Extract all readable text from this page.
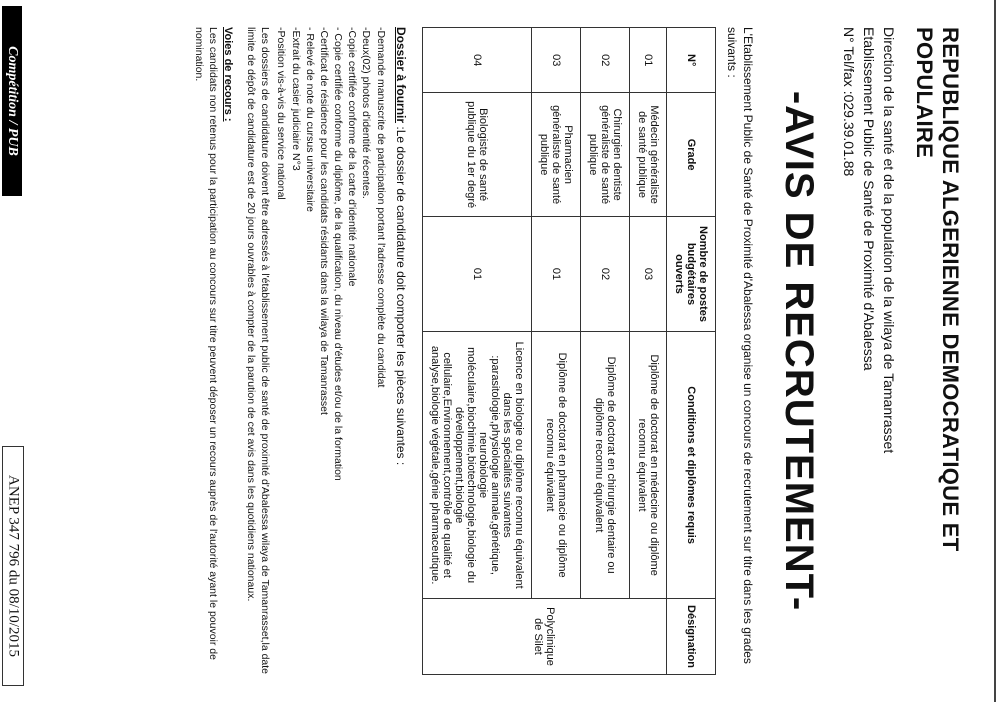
Compétition / PUB
ANEP 347 796 du 08/10/2015
REPUBLIQUE ALGERIENNE DEMOCRATIQUE ET POPULAIRE
Direction de la santé et de la population de la wilaya de Tamanrasset
Etablissement Public de Santé de Proximité d'Abalessa
N° Tel/fax :029.39.01.88
-AVIS DE RECRUTEMENT-
L'Etablissement Public de Santé de Proximité d'Abalessa organise un concours de recrutement sur titre dans les grades suivants :
N°	Grade	Nombre de postes budgétaires ouverts	Conditions et diplômes requis	Désignation
01	Médecin généraliste de santé publique	03	Diplôme de doctorat en médecine ou diplôme reconnu équivalent	Polyclinique de Silet
02	Chirurgien dentiste généraliste de santé publique	02	Diplôme de doctorat en chirurgie dentaire ou diplôme reconnu équivalent	
03	Pharmacien généraliste de santé publique	01	Diplôme de doctorat en pharmacie ou diplôme reconnu équivalent	
04	Biologiste de santé publique du 1er degré	01	Licence en biologie ou diplôme reconnu équivalent dans les spécialités suivantes :parasitologie,physiologie animale,génétique, neurobiologie moléculaire,biochimie,biotechnologie,biologie du développement,biologie cellulaire,Environnement,contrôle de qualité et analyse,biologie végétale,génie pharmaceutique.	
Dossier à fournir :Le dossier de candidature doit comporter les pièces suivantes :
-Demande manuscrite de participation portant l'adresse complète du candidat
-Deux(02) photos d'identité récentes.
-Copie certifiée conforme de la carte d'identité nationale
- Copie certifiée conforme du diplôme, de la qualification, du niveau d'études et/ou de la formation
-Certificat de résidence pour les candidats résidants dans la wilaya de Tamanrasset
- Relevé de note du cursus universitaire
-Extrait du casier judiciaire N°3
-Position vis-à-vis du service national
Les dossiers de candidature doivent être adressés à l'établissement public de santé de proximité d'Abalessa wilaya de Tamanrasset,la date limite de dépôt de candidature est de 20 jours ouvrables à compter de la parution de cet avis dans les quotidiens nationaux.
Voies de recours :
Les candidats non retenus pour la participation au concours sur titre peuvent déposer un recours auprès de l'autorité ayant le pouvoir de nomination.
